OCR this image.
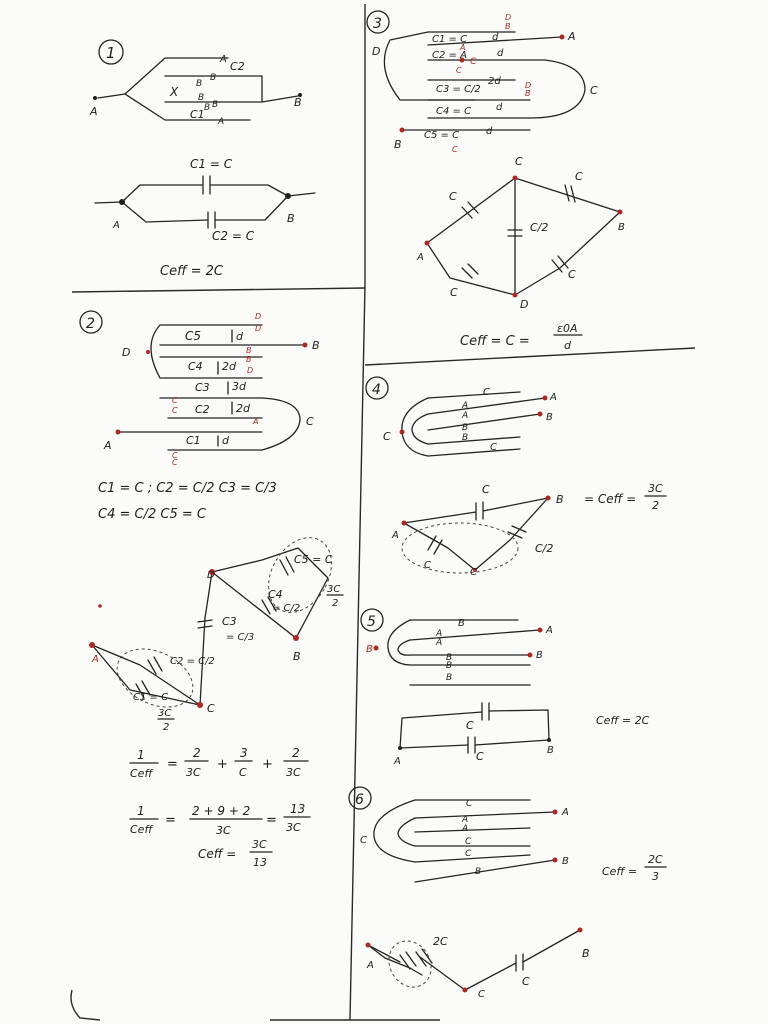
1
A
B
A
B
C2
B
X B
B
C1
A
B
C1 = C
A
B
C2 = C
Ceff = 2C
2
C5
C4
C3
C2
C1
d
2d
3d
2d
d
D
B
C
A
D
B
D
C
C
A
C
C
D
B
C1 = C ; C2 = C/2 C3 = C/3
C4 = C/2 C5 = C
D
B
A
C
C5 = C
C4
= C/2
C3
= C/3
C2 = C/2
C1 = C
3C
2
3C
2
1
Ceff
=
2
3C
+
3
C
+
2
3C
1
Ceff
=
2 + 9 + 2
3C
=
13
3C
Ceff =
3C
13
3
C1 = C
C2 = A
C3 = C/2
C4 = C
C5 = C
d
d
2d
d
d
D
A
C
B
A
C
C
D
B
D
B
C
C
C
C
C/2
C
C
A
B
D
Ceff = C =
ε0A
d
4	C
A
A
B
B
C
C
A
B
C
A
B
C
C
C/2
= Ceff =
3C
2
5	B
A
A
B
B
B
A
B
B
C
C
A
B
Ceff = 2C
6	C
A
A
C
C
B
A
B
C
Ceff =
2C
3
2C
C
A
B
C
